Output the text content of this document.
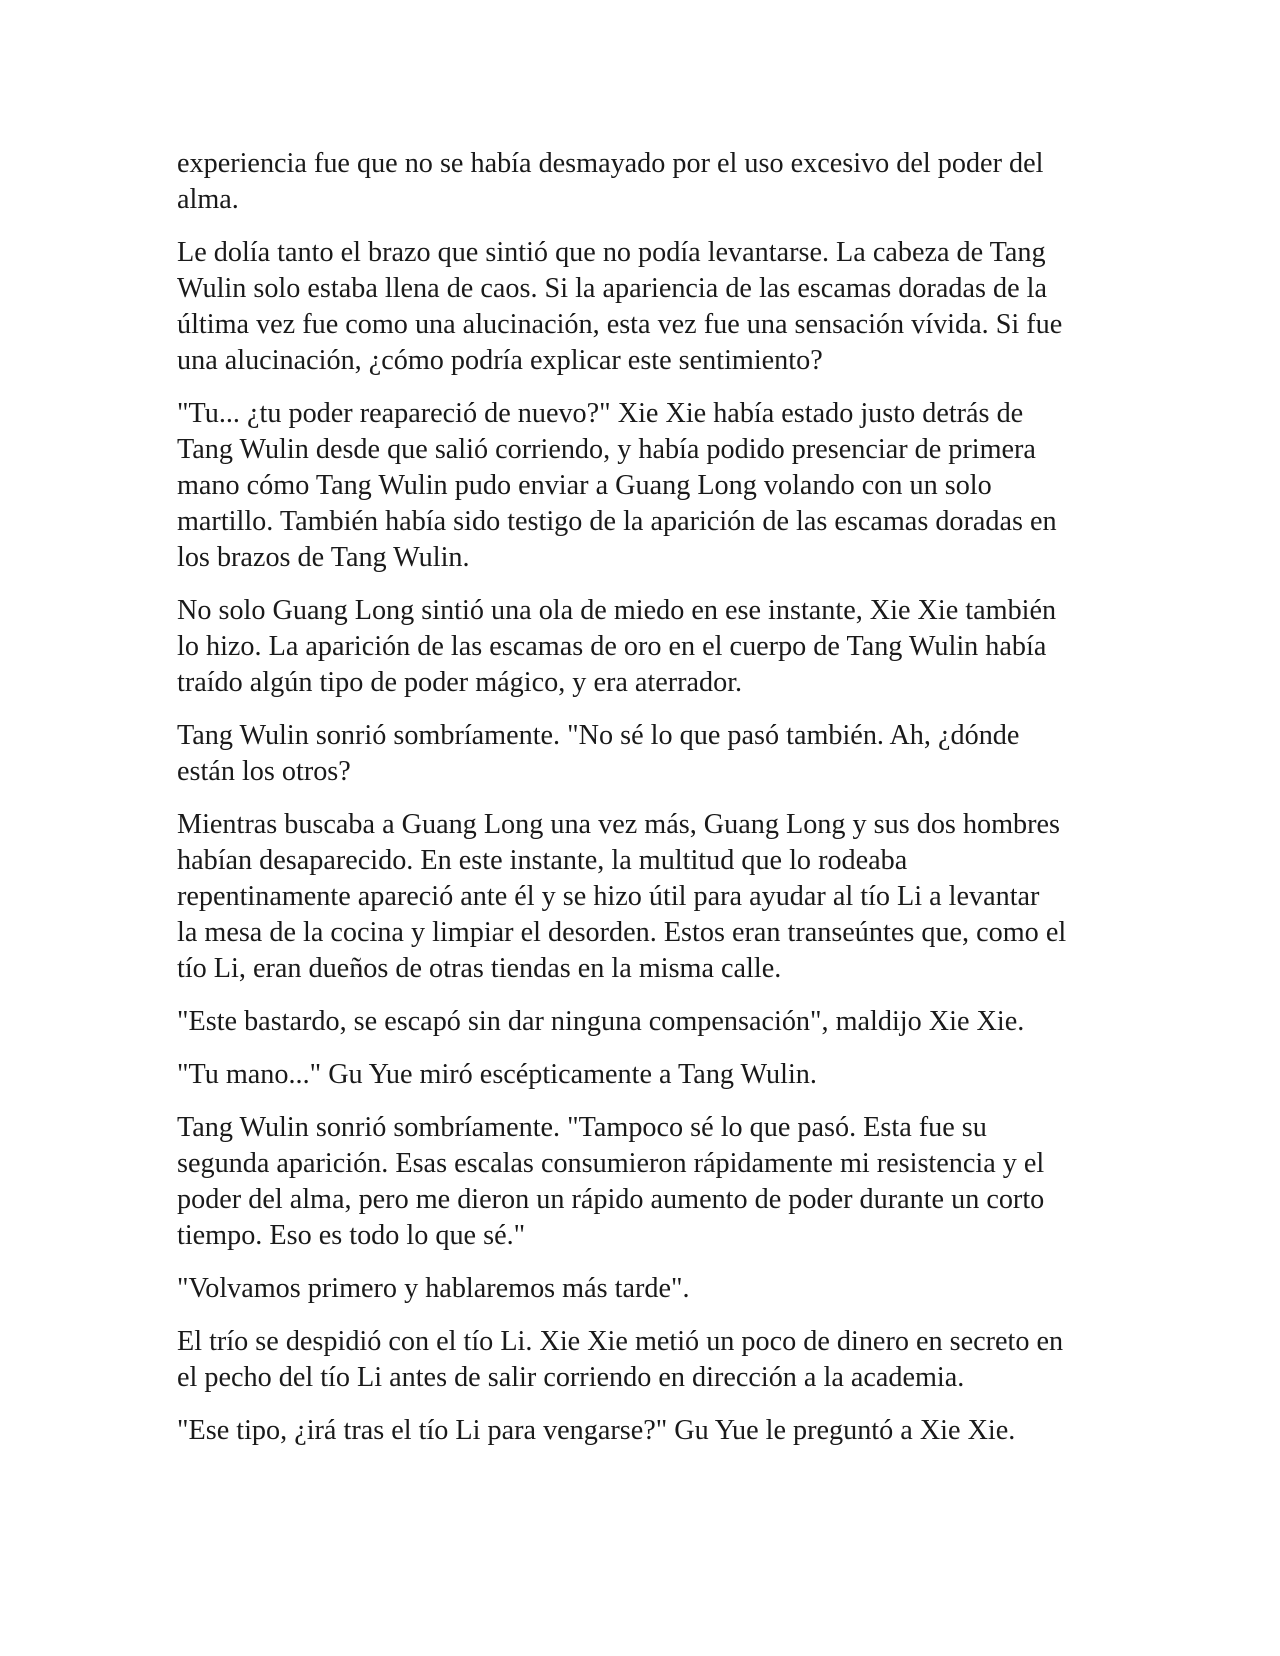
experiencia fue que no se había desmayado por el uso excesivo del poder del
alma.

Le dolía tanto el brazo que sintió que no podía levantarse. La cabeza de Tang
Wulin solo estaba llena de caos. Si la apariencia de las escamas doradas de la
última vez fue como una alucinación, esta vez fue una sensación vívida. Si fue
una alucinación, ¿cómo podría explicar este sentimiento?

"Tu... ¿tu poder reapareció de nuevo?" Xie Xie había estado justo detrás de
Tang Wulin desde que salió corriendo, y había podido presenciar de primera
mano cómo Tang Wulin pudo enviar a Guang Long volando con un solo
martillo. También había sido testigo de la aparición de las escamas doradas en
los brazos de Tang Wulin.

No solo Guang Long sintió una ola de miedo en ese instante, Xie Xie también
lo hizo. La aparición de las escamas de oro en el cuerpo de Tang Wulin había
traído algún tipo de poder mágico, y era aterrador.

Tang Wulin sonrió sombríamente. "No sé lo que pasó también. Ah, ¿dónde
están los otros?

Mientras buscaba a Guang Long una vez más, Guang Long y sus dos hombres
habían desaparecido. En este instante, la multitud que lo rodeaba
repentinamente apareció ante él y se hizo útil para ayudar al tío Li a levantar
la mesa de la cocina y limpiar el desorden. Estos eran transeúntes que, como el
tío Li, eran dueños de otras tiendas en la misma calle.

"Este bastardo, se escapó sin dar ninguna compensación", maldijo Xie Xie.

"Tu mano..." Gu Yue miró escépticamente a Tang Wulin.

Tang Wulin sonrió sombríamente. "Tampoco sé lo que pasó. Esta fue su
segunda aparición. Esas escalas consumieron rápidamente mi resistencia y el
poder del alma, pero me dieron un rápido aumento de poder durante un corto
tiempo. Eso es todo lo que sé."

"Volvamos primero y hablaremos más tarde".

El trío se despidió con el tío Li. Xie Xie metió un poco de dinero en secreto en
el pecho del tío Li antes de salir corriendo en dirección a la academia.

"Ese tipo, ¿irá tras el tío Li para vengarse?" Gu Yue le preguntó a Xie Xie.
